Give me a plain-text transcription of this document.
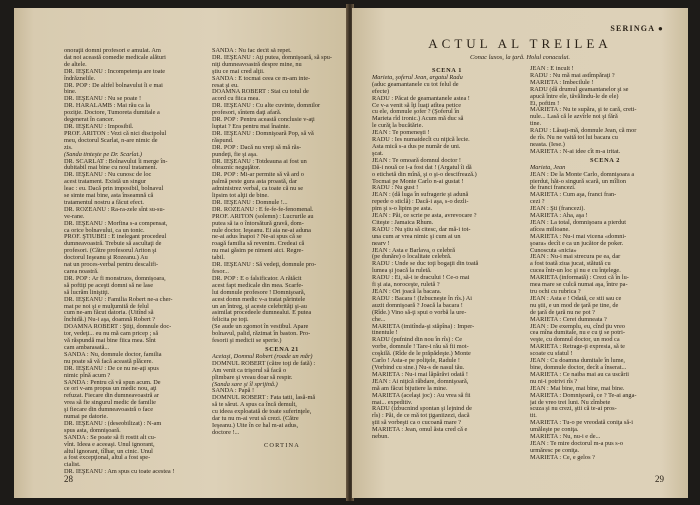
onoraţii domni profesori e amulat. Am
dat noi această comedie medicale alături
de altele.
DR. IEŞEANU : Incompetenţa are toate
îndrăznelile.
DR. POP : De altfel bolnavului îi e mai
bine.
DR. IEŞEANU : Nu se poate !
DR. HARALAMB : Mai rău ca la
poziţie. Doctore, Tumoreta dumitale a
degenerat în cancer.
DR. IEŞEANU : Imposibil.
PROF. ARITON : Vezi că nici discipolul
meu, doctorul Scarlat, n-are nimic de
zis.
(Sanda tinteşte pe Dr. Scarlat.)
DR. SCARLAT : Bolnavului îi merge în-
dubitabil mai bine cu noul tratament.
DR. IEŞEANU : Nu cunosc de loc
acest tratament. Există un singur
leac : eu. Dacă prin imposibil, bolnavul
se simte mai bine, asta înseamnă că
tratamentul nostru a făcut efect.
DR. ROZEANU : Ra-ra-zele sînt su-su-
ve-rane.
DR. IEŞEANU : Morfina s-a compensat,
ca orice bolnavului, ca un tonic.
PROF. ŞTIUBEI : E inelegant procedeul
dumneavoastră. Trebuie să ascultaţi de
profesori. (Către profesorul Ariton şi
doctorul Ieşeanu şi Rozeanu.) Au
nat un proces-verbal pentru descalifi-
carea noastră.
DR. POP : Ar fi monstruos, domnişoara,
să poftiţi pe aceşti domni să ne lase
să lucrăm liniştiţi.
DR. IEŞEANU : Familia Robert ne-a cher-
mat pe noi şi e mulţumită de felul
cum ne-am făcut datoria. (Uitînd să
închidă.) Nu-i aşa, doamnă Robert ?
DOAMNA ROBERT : Ştiţi, domnule doc-
tor, vedeţi... eu nu mă cam pricep ; să
vă răspundă mai bine fiica mea. Sînt
cam ambarasată...
SANDA : Nu, domnule doctor, familia
nu poate să vă facă această plăcere.
DR. IEŞEANU : De ce nu ne-aţi spus
nimic pînă acum ?
SANDA : Pentru că vă spun acum. De
ce ori v-am propus un medic nou, aţi
refuzat. Fiecare din dumneavoastră ar
vrea să fie singurul medic de familie
şi fiecare din dumneavoastră o face
numai pe datorie.
DR. IEŞEANU : (deseobilizat) : N-am
spus asta, domnişoară.
SANDA : Se poate să fi rostit alt cu-
vînt. Ideea e aceeaşi. Unul ignorant,
altul ignorant, tîlhar, un cinic. Unul
a fost excepţional, altul a fost spe-
cialist.
DR. IEŞEANU : Am spus cu toate acestea !
SANDA : Nu fac decît să repet.
DR. IEŞEANU : Aţi putea, domnişoară, să spu-
niţi dumneavoastră despre mine, nu
ştiu ce mai cred alţii.
SANDA : E tocmai ceea ce m-am inte-
resat şi eu.
DOAMNA ROBERT : Stai cu totul de
acord cu fiica mea.
DR. IEŞEANU : Cu alte cuvinte, domnilor
profesori, sîntem daţi afară.
DR. POP : Pentru această conclusie v-aţi
luptat ? Era pentru mai înainte.
DR. IEŞEANU : Domnişoară Pop, să vă
răspund.
DR. POP : Dacă nu vreţi să mă răs-
pundeţi, fie şi aşa.
DR. IEŞEANU : Totdeauna ai fost un
obraznic neguţător.
DR. POP : Mi-ar permite să vă ard o
palmă peste gura asta proastă, dar
administrez verbal, ca toate că nu se
lipsim tot alţii de bine.
DR. IEŞEANU : Domnule !...
DR. ROZEANU : E fe-fe-fe-fenomenal.
PROF. ARITON (solemn) : Lucrurile au
putea să ia o întorsătură gravă, dom-
nule doctor. Ieşeanu. Ei aia ne-ai aduna
ne-ai adus înapoi ? Ne-ai spus că se
roagă familia să revenim. Credeai că
nu mai găsim pe nimeni aici. Regre-
tabil.
DR. IEŞEANU : Să vedeţi, domnule pro-
fesor...
DR. POP : E o falsificator. A rătăcit
acest fapt medicale din mea. Scarfe-
lui domnule profesore ! Domnişoară,
acest domn medic v-a tratat părintele
un an întreg, şi aceste celebrităţi şi-au
asimilat procedeele dumnealui. E putea
felicita pe toţi.
(Se aude un zgomot în vestibul. Apare
bolnavul, palid, răzimat în baston. Pro-
fesorii şi medicii se sperie.)
SCENA 21
Aceiaşi, Domnul Robert (roade un măr)
DOMNUL ROBERT (către toţi de fată) :
Am venit ca trişorul să facă o
plimbare şi vreau doar să respir.
(Sanda sare şi îl sprijină.)
SANDA : Papă !
DOMNUL ROBERT : Fata tatii, lasă-mă
să te sărut. A spus ca încă demult,
cu ideea exploatată de toate suferinţele,
dar tu nu m-ai vrut să crezi. (Către
Ieşeanu.) Uite în ce hal m-ai adus,
doctore !...
CORTINA
28
SERINGA ●
ACTUL AL TREILEA
Conac luxos, la ţară. Holul conacului.
SCENA 1
Marieta, şoferul Jean, argatul Radu
(aduc geamantanele cu tot felul de
efecte)
RADU : Păcat de geamantanele astea !
Ce v-a venit să îţi luaţi atîtea petice
cu ele, domnule şofer ? (Şoferul în
Marieta rîd ironic.) Acum mă duc să
le curăţ la bucătărie.
JEAN : Te pomeneşti !
RADU : Ies numaidecît cu niţică lecie.
Asta mică s-a dus pe număr de uni.
şcat.
JEAN : Te omoară domnul doctor !
Dă-i nouă ce i-a fost dat ! (Argatul îi dă
o etichetă din mînă, şi o şi-o descifrează.)
Tocmai pe Monte Carlo n-ai gustat !
RADU : Nu gust !
JEAN : (dă luga în sufragerie şi adună
repede o sticlă) : Dacă-i aşa, s-o dezli-
pim şi s-o lipim pe asta.
JEAN : Păi, ce scrie pe asta, avrevocare ?
Citeşte : Jamaica Rhum.
RADU : Nu ştiu să citesc, dar mă-i tot-
una cum ar vrea nimic şi cum ai un
nearv !
JEAN : Asta e Barlava, o celebră
(pe dunăre) o localitate celebră.
RADU : Unde se duc toţi bogaţii din toată
lumea şi joacă la ruletă.
RADU : Ei, să-i ie dracului ! Ce-o mai
fi şi aia, noroceşte, ruletă ?
JEAN : Ori joacă la bacara.
RADU : Bacara ! (Izbucneşte în rîs.) Ai
auzit domnişoară ? Joacă la bacara !
(Rîde.) Vino să-ţi spui o vorbă la ure-
che...
MARIETA (imitînda-şi stăpîna) : Imper-
tinentule !
RADU (pufnind din nou în rîs) : Ce
vorbe, domnule ! Tare-i rău să fii mot-
coşkilă. (Rîde de le prăpădeşte.) Monte
Carlo ! Asta-e pe poliţele, Radule !
(Vorbind cu sine.) Nu-s de nasul tău.
MARIETA : Nu-i mai lăpărăvi odată !
JEAN : Ai niţică răbdare, domnişoară,
mă am făcut bijutiere la mine.
MARIETA (acelaşi joc) : Au vrea să fii
mai... expeditiv.
RADU (izbucnind spontan şi lejnind de
rîs) : Păi, de ce mă tot ţiganiizezi, dacă
ştii să vorbeşti ca o cucoană mare ?
MARIETA : Jean, omul ăsta cred că e
nebun.
JEAN : E incult !
RADU : Nu mă mai astîmpăraţi ?
MARIETA : Imbecilule !
RADU (dă drumul geamantanelor şi se
apucă între ele, tăvălindu-le de ele)
Ei, poftim !
MARIETA : Nu te supăra, şi te cară, creti-
nule... Lasă că le azvîrle noi şi fără
tine.
RADU : Lăsaţi-mă, domnule Jean, că mor
de rîs. Nu ne vaită tot lui bacara cu
neasta. (Iese.)
MARIETA : N-ai idee cît m-a iritat.
SCENA 2
Marieta, Jean
JEAN : De la Monte Carlo, domnişoara a
pierdut, hăt-o singură scară, un mîlion
de franci francezi.
MARIETA : Cum aşa, franci fran-
cezi ?
JEAN : Şti (francezi).
MARIETA : Aha, aşa !
JEAN : La total, domnişoara a pierdut
atîcea milioane.
MARIETA : Nu-i mai vicena «domni-
şoara» decît e ca un jucător de poker.
Cunoscuta «nicia»
JEAN : Nu-i mai strecura pe ea, dar
a fost toată ziua jucat, stătută cu
cucea într-un loc şi nu e cu înţelege.
MARIETA (informată) : Crezi că în lu-
mea mare se culcă numai aşa, între pa-
tru ochi cu rubrica ?
JEAN : Asta e ! Odată, ce stii sau ce
nu ştii, e un mod de ţară pe tine, de
de ţară de ţară nu ne pot ?
MARIETA : Cerei dumneata ?
JEAN : De exemplu, eu, cînd ţiu vreo
cea mîna dumitale, nu e cu ţi se potri-
veşte, cu domnul doctor, un mod ca
MARIETA : Retrage-ţi expresia, să te
scoate cu sfatul !
JEAN : Cu doamna dumitale în lume,
bine, domnule doctor, decît a înserat...
MARIETA : Ce naiba mai au ca uscării
nu ni-i potrivi rîs ?
JEAN : Mai bine, mai bine, mai bine.
MARIETA : Domnişoară, ce ? Te-ai anga-
jat de vreo trei luni. Nu zîmbete
scuza şi nu crezi, ştii că te-ai pros-
tit.
MARIETA : Tu-o pe vreodată coniţa să-i
umăleşte pe coniţa.
MARIETA : Nu, nu-i e de...
JEAN : Te mire doctorul m-a pus s-o
urmăresc pe coniţa.
MARIETA : Ce, e gelos ?
29
